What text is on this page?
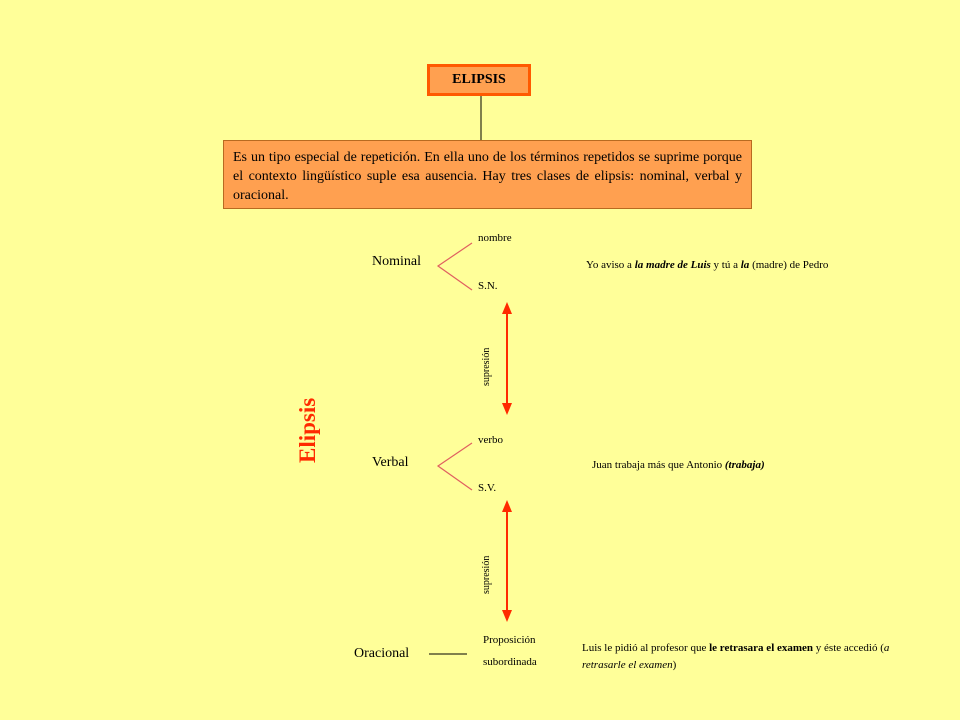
ELIPSIS
Es un tipo especial de repetición. En ella uno de los términos repetidos se suprime porque el contexto lingüístico suple esa ausencia. Hay tres clases de elipsis: nominal, verbal y oracional.
Elipsis
Nominal
nombre
S.N.
Yo aviso a la madre de Luis y tú a la (madre) de Pedro
supresión
Verbal
verbo
S.V.
Juan trabaja más que Antonio (trabaja)
supresión
Oracional
Proposición
subordinada
Luis le pidió al profesor que le retrasara el examen y éste accedió (a retrasarle el examen)
